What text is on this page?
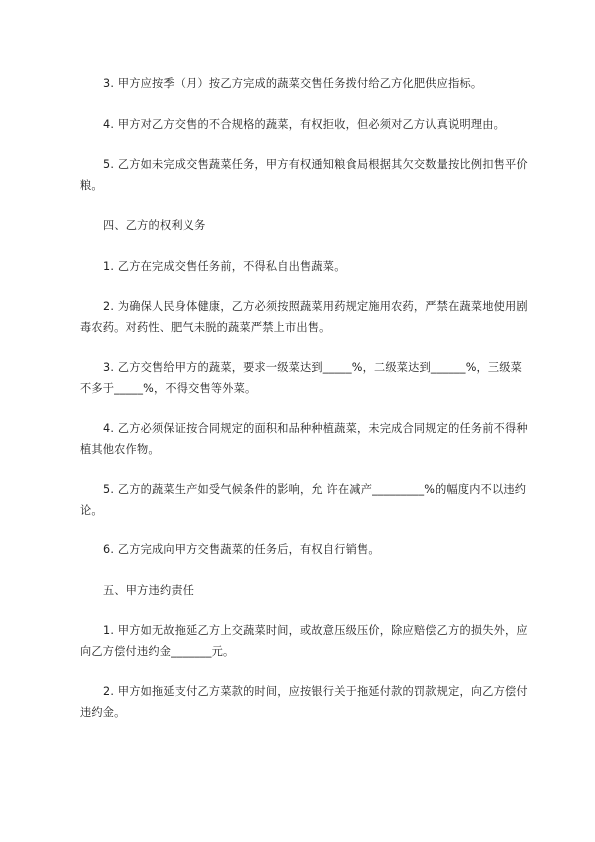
3. 甲方应按季（月）按乙方完成的蔬菜交售任务拨付给乙方化肥供应指标。

4. 甲方对乙方交售的不合规格的蔬菜，有权拒收，但必须对乙方认真说明理由。

5. 乙方如未完成交售蔬菜任务，甲方有权通知粮食局根据其欠交数量按比例扣售平价粮。

四、乙方的权利义务

1. 乙方在完成交售任务前，不得私自出售蔬菜。

2. 为确保人民身体健康，乙方必须按照蔬菜用药规定施用农药，严禁在蔬菜地使用剧毒农药。对药性、肥气未脱的蔬菜严禁上市出售。

3. 乙方交售给甲方的蔬菜，要求一级菜达到_____%，二级菜达到______%，三级菜不多于_____%，不得交售等外菜。

4. 乙方必须保证按合同规定的面积和品种种植蔬菜，未完成合同规定的任务前不得种植其他农作物。

5. 乙方的蔬菜生产如受气候条件的影响，允 许在减产_________%的幅度内不以违约论。

6. 乙方完成向甲方交售蔬菜的任务后，有权自行销售。

五、甲方违约责任

1. 甲方如无故拖延乙方上交蔬菜时间，或故意压级压价，除应赔偿乙方的损失外，应向乙方偿付违约金_______元。

2. 甲方如拖延支付乙方菜款的时间，应按银行关于拖延付款的罚款规定，向乙方偿付违约金。
